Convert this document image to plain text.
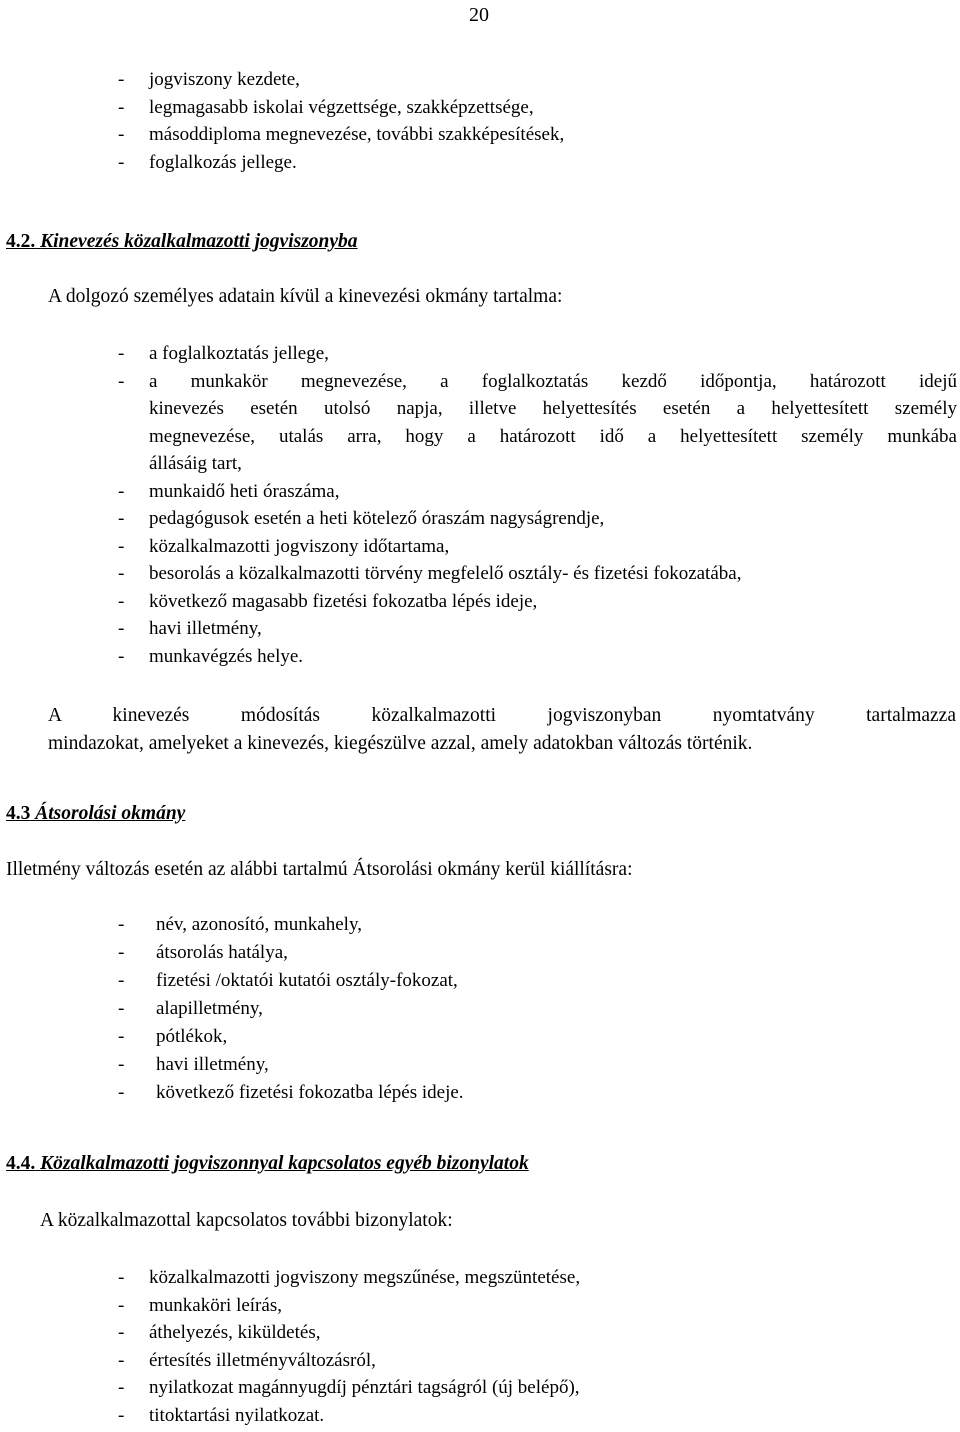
20
- jogviszony kezdete,
- legmagasabb iskolai végzettsége, szakképzettsége,
- másoddiploma megnevezése, további szakképesítések,
- foglalkozás jellege.
4.2. Kinevezés közalkalmazotti jogviszonyba
A dolgozó személyes adatain kívül a kinevezési okmány tartalma:
- a foglalkoztatás jellege,
- a munkakör megnevezése, a foglalkoztatás kezdő időpontja, határozott idejű
kinevezés esetén utolsó napja, illetve helyettesítés esetén a helyettesített személy
megnevezése, utalás arra, hogy a határozott idő a helyettesített személy munkába
állásáig tart,
- munkaidő heti óraszáma,
- pedagógusok esetén a heti kötelező óraszám nagyságrendje,
- közalkalmazotti jogviszony időtartama,
- besorolás a közalkalmazotti törvény megfelelő osztály- és fizetési fokozatába,
- következő magasabb fizetési fokozatba lépés ideje,
- havi illetmény,
- munkavégzés helye.
A kinevezés módosítás közalkalmazotti jogviszonyban nyomtatvány tartalmazza
mindazokat, amelyeket a kinevezés, kiegészülve azzal, amely adatokban változás történik.
4.3 Átsorolási okmány
Illetmény változás esetén az alábbi tartalmú Átsorolási okmány kerül kiállításra:
- név, azonosító, munkahely,
- átsorolás hatálya,
- fizetési /oktatói kutatói osztály-fokozat,
- alapilletmény,
- pótlékok,
- havi illetmény,
- következő fizetési fokozatba lépés ideje.
4.4. Közalkalmazotti jogviszonnyal kapcsolatos egyéb bizonylatok
A közalkalmazottal kapcsolatos további bizonylatok:
- közalkalmazotti jogviszony megszűnése, megszüntetése,
- munkaköri leírás,
- áthelyezés, kiküldetés,
- értesítés illetményváltozásról,
- nyilatkozat magánnyugdíj pénztári tagságról (új belépő),
- titoktartási nyilatkozat.
